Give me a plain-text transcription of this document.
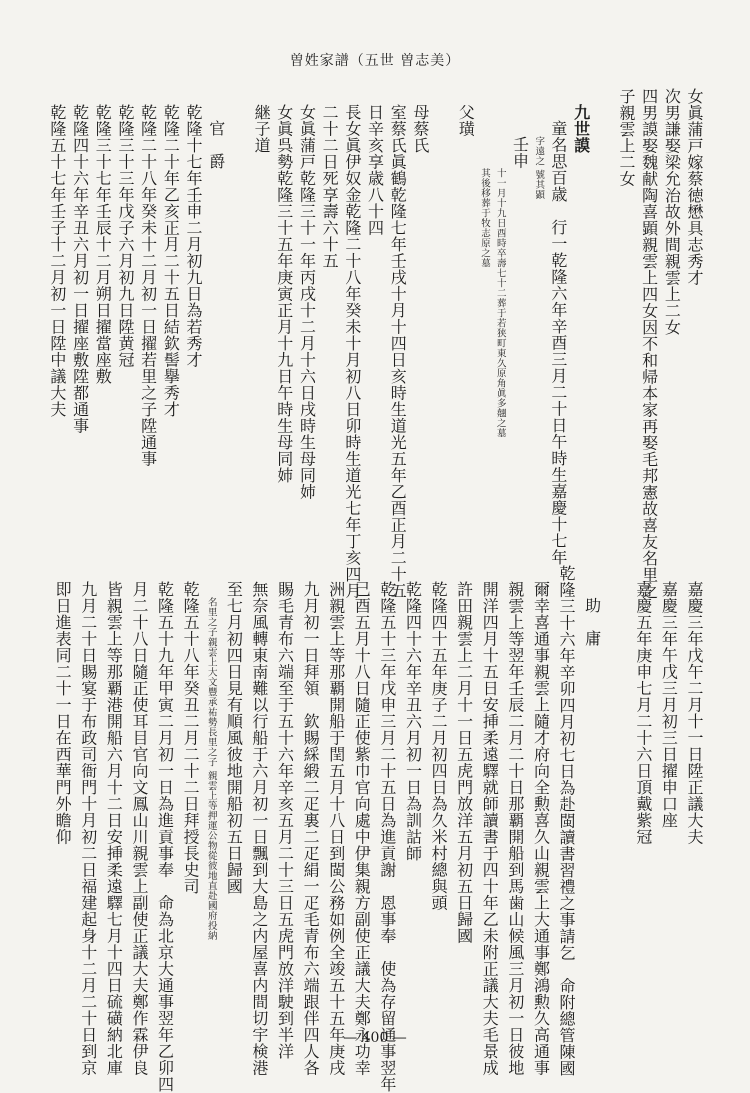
曽姓家譜（五世 曽志美）
女眞蒲戸嫁蔡徳懋具志秀才
次男謙娶梁允治故外間親雲上二女
四男謨娶魏献陶喜顕親雲上四女因不和帰本家再娶毛邦憲故喜友名里之
子親雲上二女
九世謨
童名思百歳　行一乾隆六年辛酉三月二十日午時生嘉慶十七年
字遠之 號其顕
壬申
十一月十九日酉時卒壽七十二葬于若狭町東久原角眞多翹之墓
其後移葬于牧志原之墓
父璜
母蔡氏
室蔡氏眞鶴乾隆七年壬戌十月十四日亥時生道光五年乙酉正月二十五
日辛亥享歳八十四
長女眞伊奴金乾隆二十八年癸未十月初八日卯時生道光七年丁亥四月
二十二日死享壽六十五
女眞蒲戸乾隆三十一年丙戌十二月十六日戌時生母同姉
女眞呉勢乾隆三十五年庚寅正月十九日午時生母同姉
継子道
官　爵
乾隆十七年壬申二月初九日為若秀才
乾隆二十年乙亥正月二十五日結欽髻擧秀才
乾隆二十八年癸未十二月初一日擢若里之子陞通事
乾隆三十三年戊子六月初九日陞黄冠
乾隆三十七年壬辰十二月朔日擢當座敷
乾隆四十六年辛丑六月初一日擢座敷陞都通事
乾隆五十七年壬子十二月初一日陞中議大夫
嘉慶三年戊午二月十一日陞正議大夫
嘉慶三年午戊三月初三日擢申口座
嘉慶五年庚申七月二十六日頂戴紫冠
助　庸
乾隆三十六年辛卯四月初七日為赴閩讀書習禮之事請乞　命附總管陳國
爾幸喜通事親雲上隨才府向全勲喜久山親雲上大通事鄭鴻勲久高通事
親雲上等翌年壬辰二月二十日那覇開船到馬歯山候風三月初一日彼地
開洋四月十五日安挿柔遠驛就師讀書于四十年乙未附正議大夫毛景成
許田親雲上二月十一日五虎門放洋五月初五日歸國
乾隆四十五年庚子二月初四日為久米村總與頭
乾隆四十六年辛丑六月初一日為訓詁師
乾隆五十三年戊申三月二十五日為進貢謝　恩事奉　使為存留通事翌年
己酉五月十八日隨正使紫巾官向處中伊集親方副使正議大夫鄭永功幸
洲親雲上等那覇開船于閏五月十八日到閩公務如例全竣五十五年庚戌
九月初一日拜領　欽賜綵緞二疋裏二疋絹一疋毛青布六端跟伴四人各
賜毛青布六端至于五十六年辛亥五月二十三日五虎門放洋駛到半洋
無奈風轉東南難以行船于六月初一日飄到大島之内屋喜内間切宇検港
至七月初四日見有順風彼地開船初五日歸國
名里之子親雲上大文豐承祐勢長里之子 親雲上等押運公物從彼地直赴國府投納
乾隆五十八年癸丑二月二十二日拜授長史司
乾隆五十九年甲寅二月初一日為進貢事奉　命為北京大通事翌年乙卯四
月二十八日隨正使耳目官向文鳳山川親雲上副使正議大夫鄭作霖伊良
皆親雲上等那覇港開船六月十二日安挿柔遠驛七月十四日硫磺納北庫
九月二十日賜宴于布政司衙門十月初二日福建起身十二月二十日到京
即日進表同二十一日在西華門外瞻仰
— 400 —
